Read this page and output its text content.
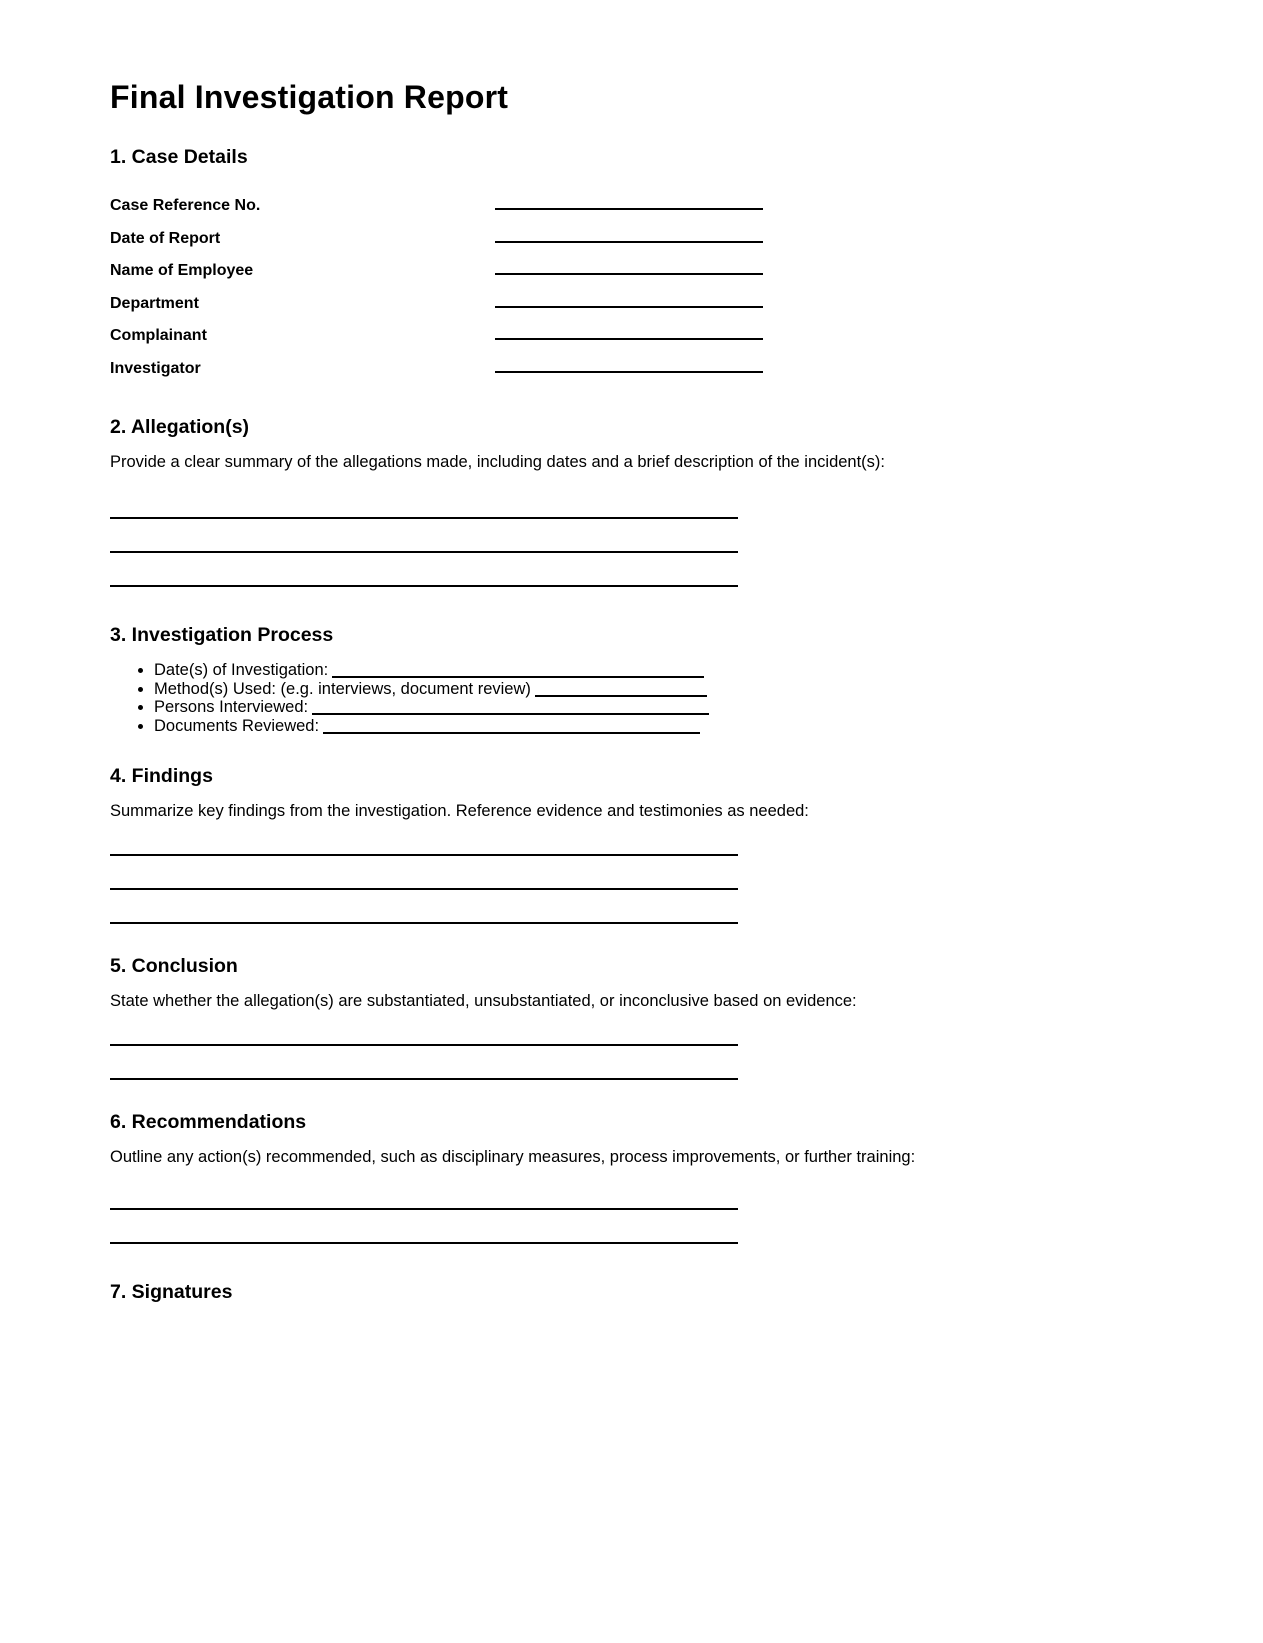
Final Investigation Report
1. Case Details
Case Reference No.
Date of Report
Name of Employee
Department
Complainant
Investigator
2. Allegation(s)

Provide a clear summary of the allegations made, including dates and a brief description of the incident(s):

3. Investigation Process
• Date(s) of Investigation:
• Method(s) Used: (e.g. interviews, document review)
• Persons Interviewed:
• Documents Reviewed:
4. Findings

Summarize key findings from the investigation. Reference evidence and testimonies as needed:

5. Conclusion

State whether the allegation(s) are substantiated, unsubstantiated, or inconclusive based on evidence:

6. Recommendations

Outline any action(s) recommended, such as disciplinary measures, process improvements, or further training:

7. Signatures
